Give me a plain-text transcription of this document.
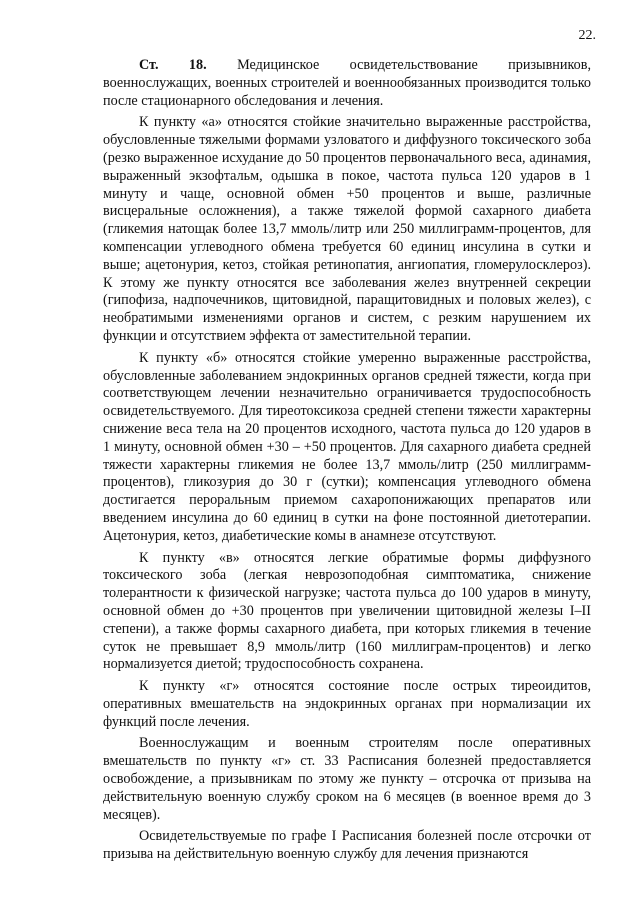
22.

Ст. 18. Медицинское освидетельствование призывников, военнослужащих, военных строителей и военнообязанных производится только после стационарного обследования и лечения.

К пункту «а» относятся стойкие значительно выраженные расстройства, обусловленные тяжелыми формами узловатого и диффузного токсического зоба (резко выраженное исхудание до 50 процентов первоначального веса, адинамия, выраженный экзофтальм, одышка в покое, частота пульса 120 ударов в 1 минуту и чаще, основной обмен +50 процентов и выше, различные висцеральные осложнения), а также тяжелой формой сахарного диабета (гликемия натощак более 13,7 ммоль/литр или 250 миллиграмм-процентов, для компенсации углеводного обмена требуется 60 единиц инсулина в сутки и выше; ацетонурия, кетоз, стойкая ретинопатия, ангиопатия, гломерулосклероз). К этому же пункту относятся все заболевания желез внутренней секреции (гипофиза, надпочечников, щитовидной, паращитовидных и половых желез), с необратимыми изменениями органов и систем, с резким нарушением их функции и отсутствием эффекта от заместительной терапии.

К пункту «б» относятся стойкие умеренно выраженные расстройства, обусловленные заболеванием эндокринных органов средней тяжести, когда при соответствующем лечении незначительно ограничивается трудоспособность освидетельствуемого. Для тиреотоксикоза средней степени тяжести характерны снижение веса тела на 20 процентов исходного, частота пульса до 120 ударов в 1 минуту, основной обмен +30 – +50 процентов. Для сахарного диабета средней тяжести характерны гликемия не более 13,7 ммоль/литр (250 миллиграмм-процентов), гликозурия до 30 г (сутки); компенсация углеводного обмена достигается пероральным приемом сахаропонижающих препаратов или введением инсулина до 60 единиц в сутки на фоне постоянной диетотерапии. Ацетонурия, кетоз, диабетические комы в анамнезе отсутствуют.

К пункту «в» относятся легкие обратимые формы диффузного токсического зоба (легкая неврозоподобная симптоматика, снижение толерантности к физической нагрузке; частота пульса до 100 ударов в минуту, основной обмен до +30 процентов при увеличении щитовидной железы I–II степени), а также формы сахарного диабета, при которых гликемия в течение суток не превышает 8,9 ммоль/литр (160 миллиграм-процентов) и легко нормализуется диетой; трудоспособность сохранена.

К пункту «г» относятся состояние после острых тиреоидитов, оперативных вмешательств на эндокринных органах при нормализации их функций после лечения.

Военнослужащим и военным строителям после оперативных вмешательств по пункту «г» ст. 33 Расписания болезней предоставляется освобождение, а призывникам по этому же пункту – отсрочка от призыва на действительную военную службу сроком на 6 месяцев (в военное время до 3 месяцев).

Освидетельствуемые по графе I Расписания болезней после отсрочки от призыва на действительную военную службу для лечения признаются
